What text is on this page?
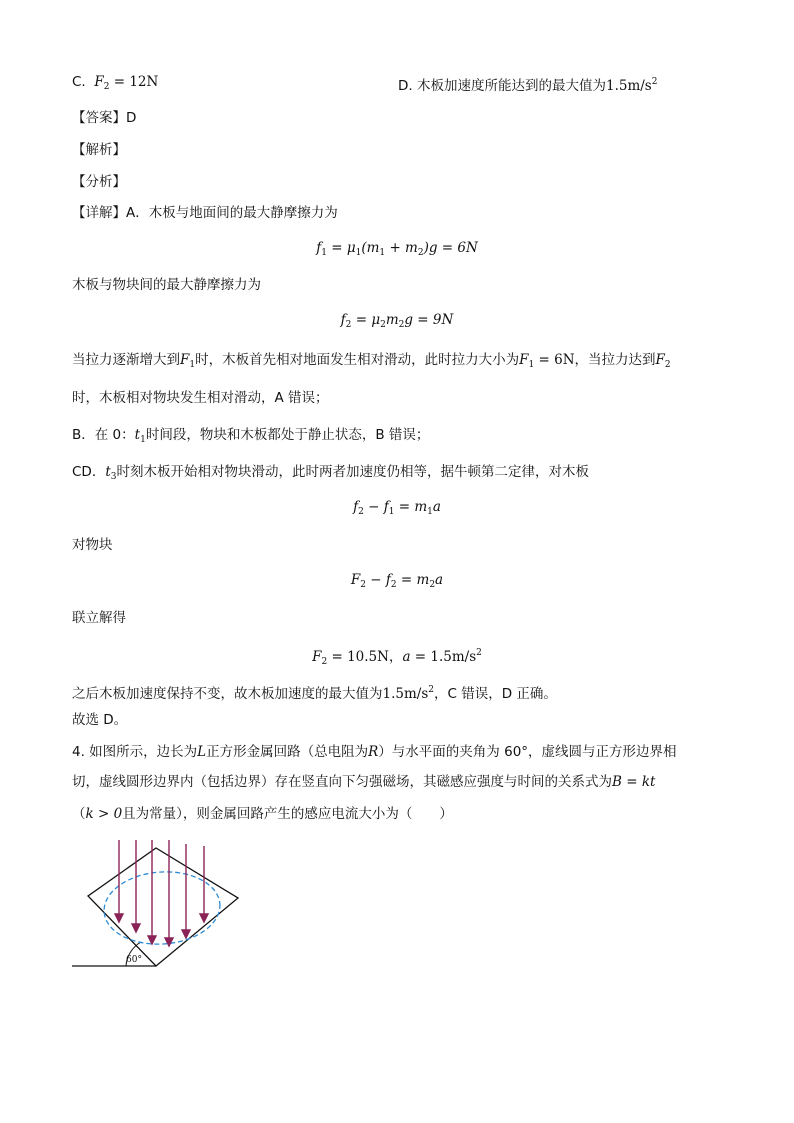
C. $F_2 = 12N$	D. 木板加速度所能达到的最大值为$1.5m/s^2$
【答案】D
【解析】
【分析】
【详解】A．木板与地面间的最大静摩擦力为
$f_1 = \mu_1(m_1 + m_2)g = 6N$
木板与物块间的最大静摩擦力为
$f_2 = \mu_2m_2g = 9N$
当拉力逐渐增大到$F_1$时，木板首先相对地面发生相对滑动，此时拉力大小为$F_1 = 6N$，当拉力达到$F_2$
时，木板相对物块发生相对滑动，A 错误；
B．在 0：$t_1$时间段，物块和木板都处于静止状态，B 错误；
CD．$t_3$时刻木板开始相对物块滑动，此时两者加速度仍相等，据牛顿第二定律，对木板
$f_2 - f_1 = m_1a$
对物块
$F_2 - f_2 = m_2a$
联立解得
$F_2 = 10.5N$，$a = 1.5m/s^2$
之后木板加速度保持不变，故木板加速度的最大值为$1.5m/s^2$，C 错误，D 正确。
故选 D。
4. 如图所示，边长为L正方形金属回路（总电阻为R）与水平面的夹角为 60°，虚线圆与正方形边界相
切，虚线圆形边界内（包括边界）存在竖直向下匀强磁场，其磁感应强度与时间的关系式为B = kt
（k > 0且为常量），则金属回路产生的感应电流大小为（　　）
60°
